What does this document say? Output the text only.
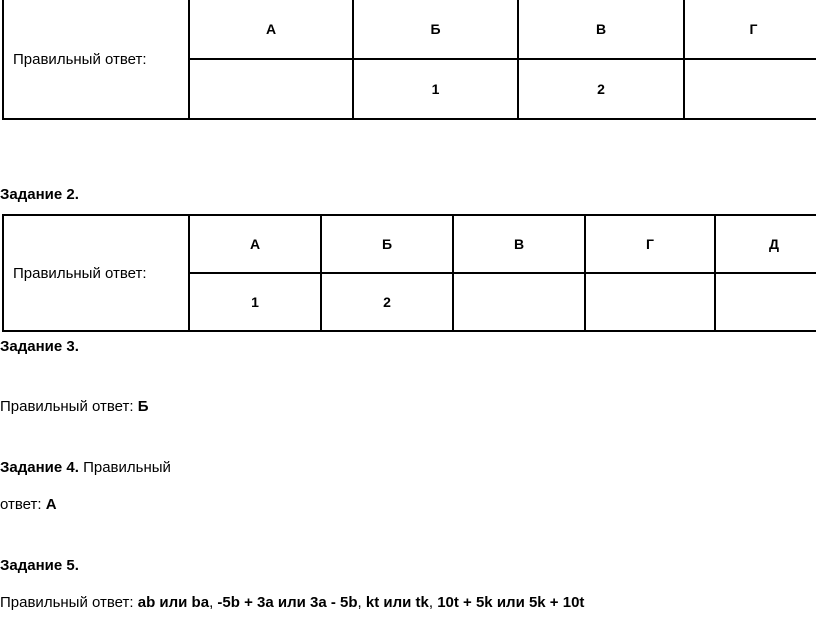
Правильный ответ:	А	Б	В	Г
		1	2	
Задание 2.
Правильный ответ:	А	Б	В	Г	Д
	1	2			
Задание 3.
Правильный ответ: Б
Задание 4. Правильный
ответ: А
Задание 5.
Правильный ответ: ab или ba, -5b + 3a или 3a - 5b, kt или tk, 10t + 5k или 5k + 10t
